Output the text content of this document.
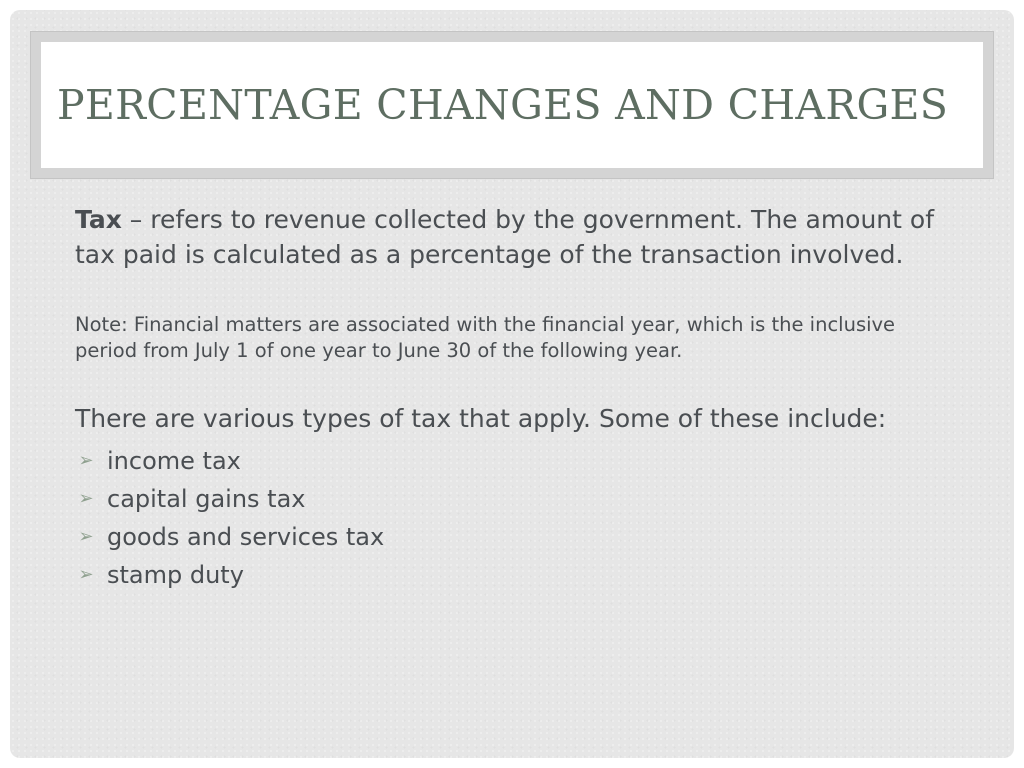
PERCENTAGE CHANGES AND CHARGES

Tax – refers to revenue collected by the government. The amount of tax paid is calculated as a percentage of the transaction involved.

Note: Financial matters are associated with the financial year, which is the inclusive period from July 1 of one year to June 30 of the following year.

There are various types of tax that apply. Some of these include:

➢ income tax
➢ capital gains tax
➢ goods and services tax
➢ stamp duty
